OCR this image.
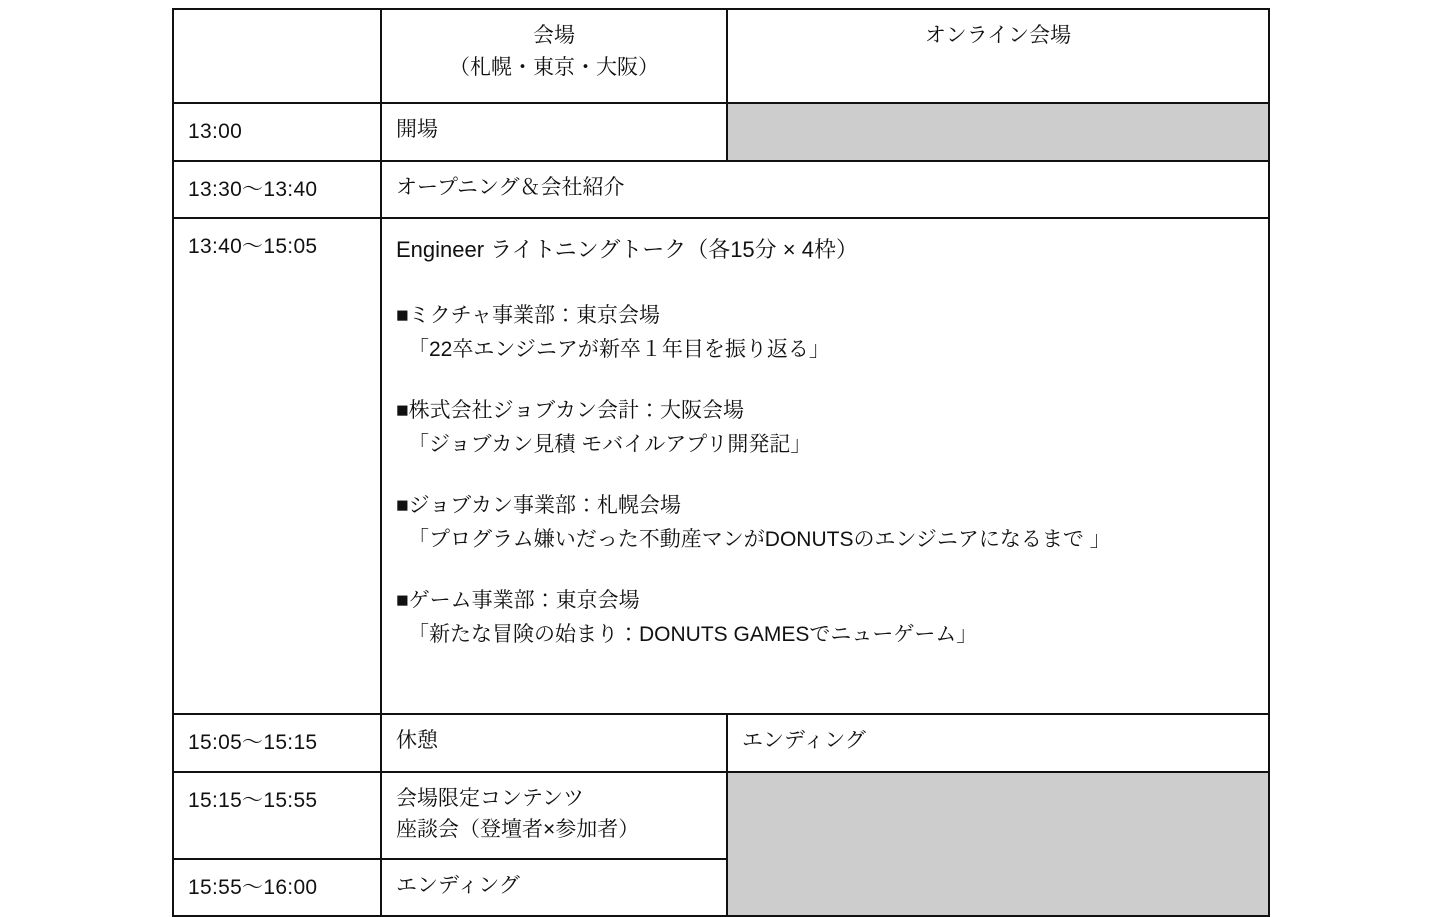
	会場
（札幌・東京・大阪）	オンライン会場
13:00	開場	
13:30〜13:40	オープニング＆会社紹介	
13:40〜15:05	Engineer ライトニングトーク（各15分 × 4枠）

■ミクチャ事業部：東京会場

「22卒エンジニアが新卒１年目を振り返る」

■株式会社ジョブカン会計：大阪会場

「ジョブカン見積 モバイルアプリ開発記」

■ジョブカン事業部：札幌会場

「プログラム嫌いだった不動産マンがDONUTSのエンジニアになるまで 」

■ゲーム事業部：東京会場

「新たな冒険の始まり：DONUTS GAMESでニューゲーム」

15:05〜15:15	休憩	エンディング
15:15〜15:55	会場限定コンテンツ
座談会（登壇者×参加者）	

15:55〜16:00	エンディング	
